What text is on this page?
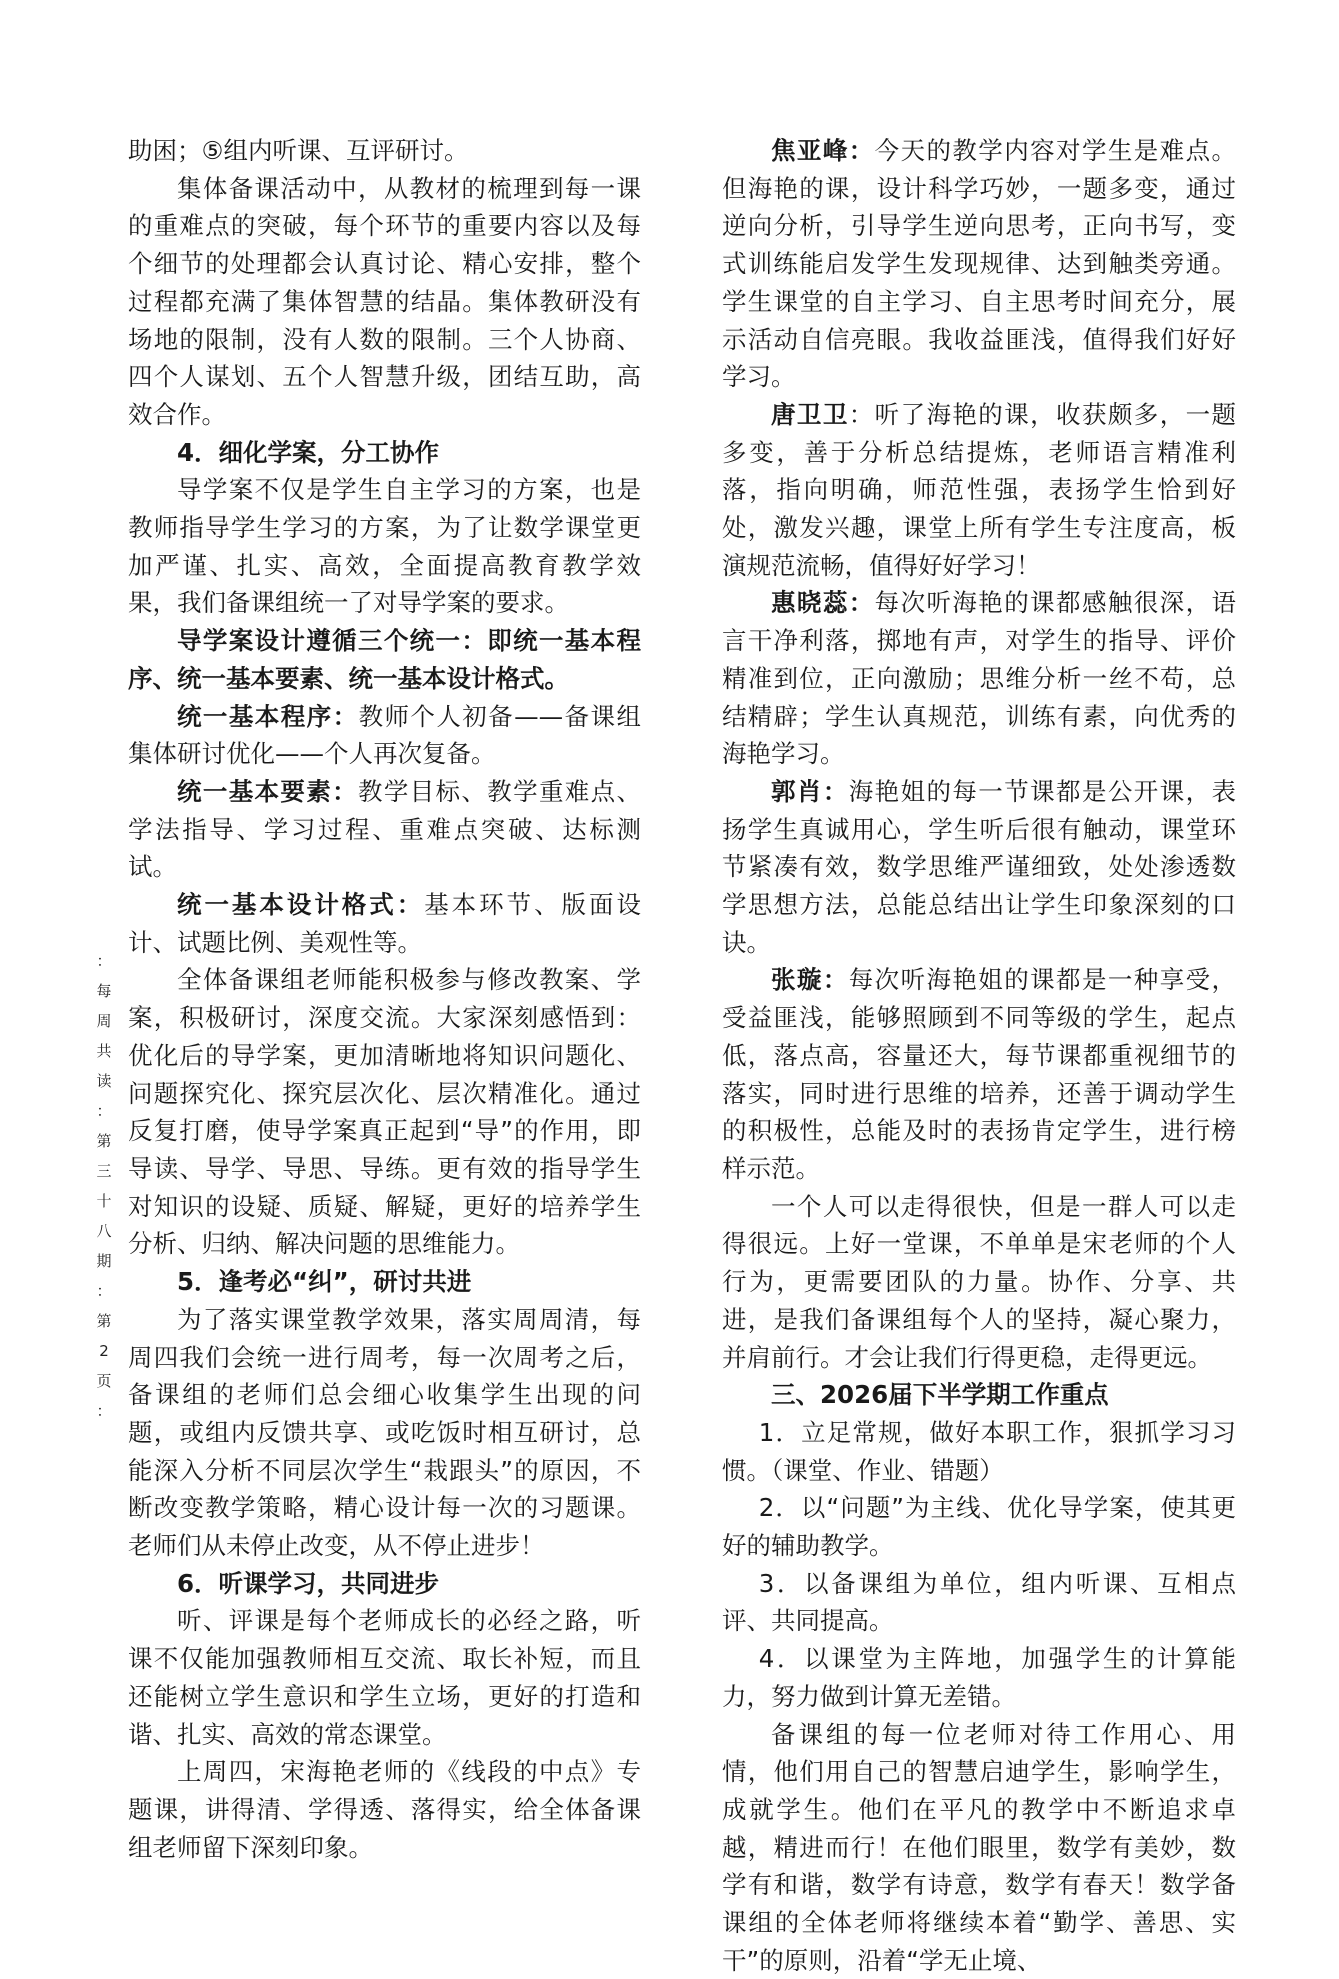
：
每
周
共
读
：
第
三
十
八
期
：
第
2
页
：

助困；⑤组内听课、互评研讨。

集体备课活动中，从教材的梳理到每一课的重难点的突破，每个环节的重要内容以及每个细节的处理都会认真讨论、精心安排，整个过程都充满了集体智慧的结晶。集体教研没有场地的限制，没有人数的限制。三个人协商、四个人谋划、五个人智慧升级，团结互助，高效合作。

4．细化学案，分工协作

导学案不仅是学生自主学习的方案，也是教师指导学生学习的方案，为了让数学课堂更加严谨、扎实、高效，全面提高教育教学效果，我们备课组统一了对导学案的要求。

导学案设计遵循三个统一：即统一基本程序、统一基本要素、统一基本设计格式。

统一基本程序：教师个人初备——备课组集体研讨优化——个人再次复备。

统一基本要素：教学目标、教学重难点、学法指导、学习过程、重难点突破、达标测试。

统一基本设计格式：基本环节、版面设计、试题比例、美观性等。

全体备课组老师能积极参与修改教案、学案，积极研讨，深度交流。大家深刻感悟到：优化后的导学案，更加清晰地将知识问题化、问题探究化、探究层次化、层次精准化。通过反复打磨，使导学案真正起到“导”的作用，即导读、导学、导思、导练。更有效的指导学生对知识的设疑、质疑、解疑，更好的培养学生分析、归纳、解决问题的思维能力。

5．逢考必“纠”，研讨共进

为了落实课堂教学效果，落实周周清，每周四我们会统一进行周考，每一次周考之后，备课组的老师们总会细心收集学生出现的问题，或组内反馈共享、或吃饭时相互研讨，总能深入分析不同层次学生“栽跟头”的原因，不断改变教学策略，精心设计每一次的习题课。老师们从未停止改变，从不停止进步！

6．听课学习，共同进步

听、评课是每个老师成长的必经之路，听课不仅能加强教师相互交流、取长补短，而且还能树立学生意识和学生立场，更好的打造和谐、扎实、高效的常态课堂。

上周四，宋海艳老师的《线段的中点》专题课，讲得清、学得透、落得实，给全体备课组老师留下深刻印象。

焦亚峰：今天的教学内容对学生是难点。但海艳的课，设计科学巧妙，一题多变，通过逆向分析，引导学生逆向思考，正向书写，变式训练能启发学生发现规律、达到触类旁通。学生课堂的自主学习、自主思考时间充分，展示活动自信亮眼。我收益匪浅，值得我们好好学习。

唐卫卫：听了海艳的课，收获颇多，一题多变，善于分析总结提炼，老师语言精准利落，指向明确，师范性强，表扬学生恰到好处，激发兴趣，课堂上所有学生专注度高，板演规范流畅，值得好好学习！

惠晓蕊：每次听海艳的课都感触很深，语言干净利落，掷地有声，对学生的指导、评价精准到位，正向激励；思维分析一丝不苟，总结精辟；学生认真规范，训练有素，向优秀的海艳学习。

郭肖：海艳姐的每一节课都是公开课，表扬学生真诚用心，学生听后很有触动，课堂环节紧凑有效，数学思维严谨细致，处处渗透数学思想方法，总能总结出让学生印象深刻的口诀。

张璇：每次听海艳姐的课都是一种享受，受益匪浅，能够照顾到不同等级的学生，起点低，落点高，容量还大，每节课都重视细节的落实，同时进行思维的培养，还善于调动学生的积极性，总能及时的表扬肯定学生，进行榜样示范。

一个人可以走得很快，但是一群人可以走得很远。上好一堂课，不单单是宋老师的个人行为，更需要团队的力量。协作、分享、共进，是我们备课组每个人的坚持，凝心聚力，并肩前行。才会让我们行得更稳，走得更远。

三、2026届下半学期工作重点

1．立足常规，做好本职工作，狠抓学习习惯。（课堂、作业、错题）

2．以“问题”为主线、优化导学案，使其更好的辅助教学。

3．以备课组为单位，组内听课、互相点评、共同提高。

4．以课堂为主阵地，加强学生的计算能力，努力做到计算无差错。

备课组的每一位老师对待工作用心、用情，他们用自己的智慧启迪学生，影响学生，成就学生。他们在平凡的教学中不断追求卓越，精进而行！在他们眼里，数学有美妙，数学有和谐，数学有诗意，数学有春天！数学备课组的全体老师将继续本着“勤学、善思、实干”的原则，沿着“学无止境、
